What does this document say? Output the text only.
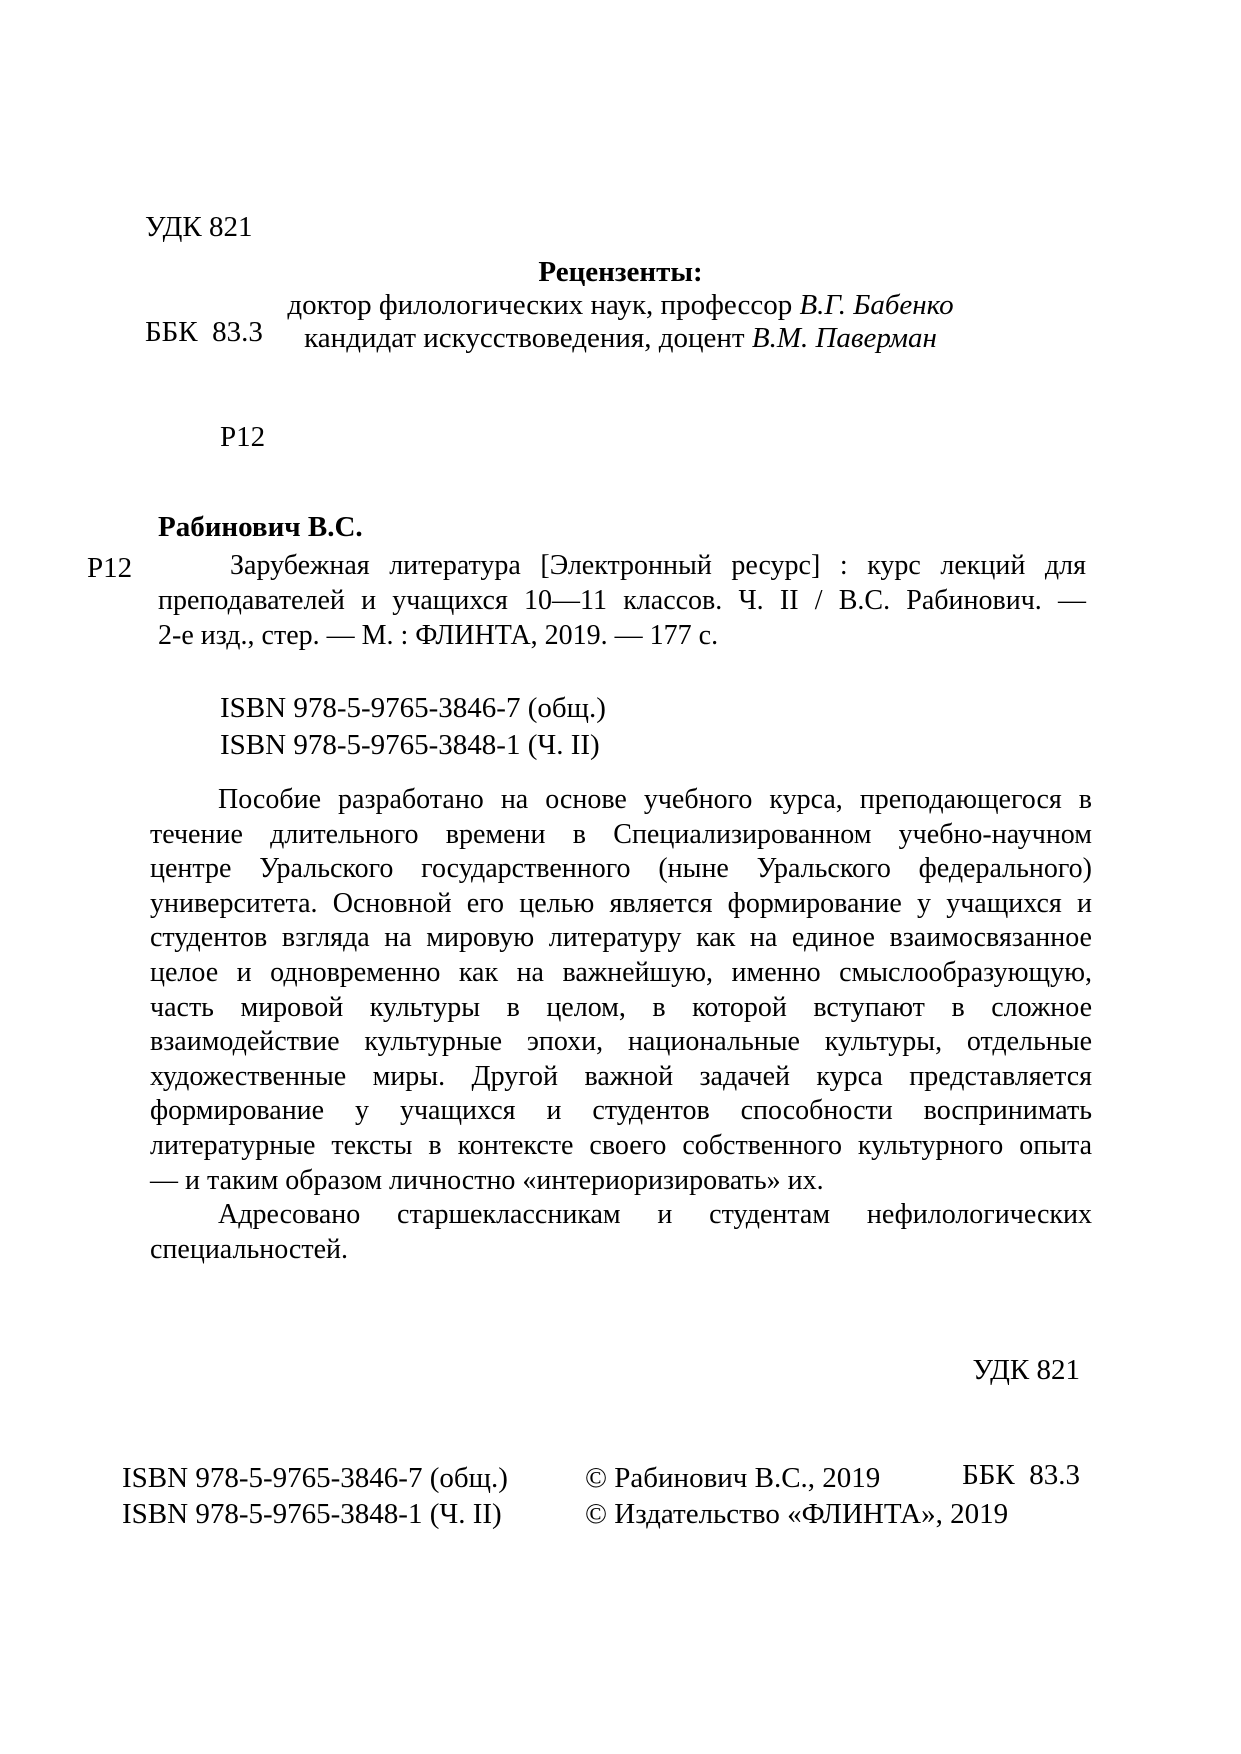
УДК 821

ББК  83.3

Р12

Рецензенты:
доктор филологических наук, профессор В.Г. Бабенко
кандидат искусствоведения, доцент В.М. Паверман
Рабинович В.С.
Р12	Зарубежная литература [Электронный ресурс] : курс лекций для
преподавателей и учащихся 10—11 классов. Ч. II / В.С. Рабинович. —
2-е изд., стер. — М. : ФЛИНТА, 2019. — 177 с.
ISBN 978-5-9765-3846-7 (общ.)
ISBN 978-5-9765-3848-1 (Ч. II)
Пособие разработано на основе учебного курса, преподающегося в
течение длительного времени в Специализированном учебно-научном
центре Уральского государственного (ныне Уральского федерального)
университета. Основной его целью является формирование у учащихся и
студентов взгляда на мировую литературу как на единое взаимосвязанное
целое и одновременно как на важнейшую, именно смыслообразующую,
часть мировой культуры в целом, в которой вступают в сложное
взаимодействие культурные эпохи, национальные культуры, отдельные
художественные миры. Другой важной задачей курса представляется
формирование у учащихся и студентов способности воспринимать
литературные тексты в контексте своего собственного культурного опыта
— и таким образом личностно «интериоризировать» их.
Адресовано старшеклассникам и студентам нефилологических
специальностей.

УДК 821

ББК  83.3

ISBN 978-5-9765-3846-7 (общ.)
ISBN 978-5-9765-3848-1 (Ч. II)
© Рабинович В.С., 2019
© Издательство «ФЛИНТА», 2019
